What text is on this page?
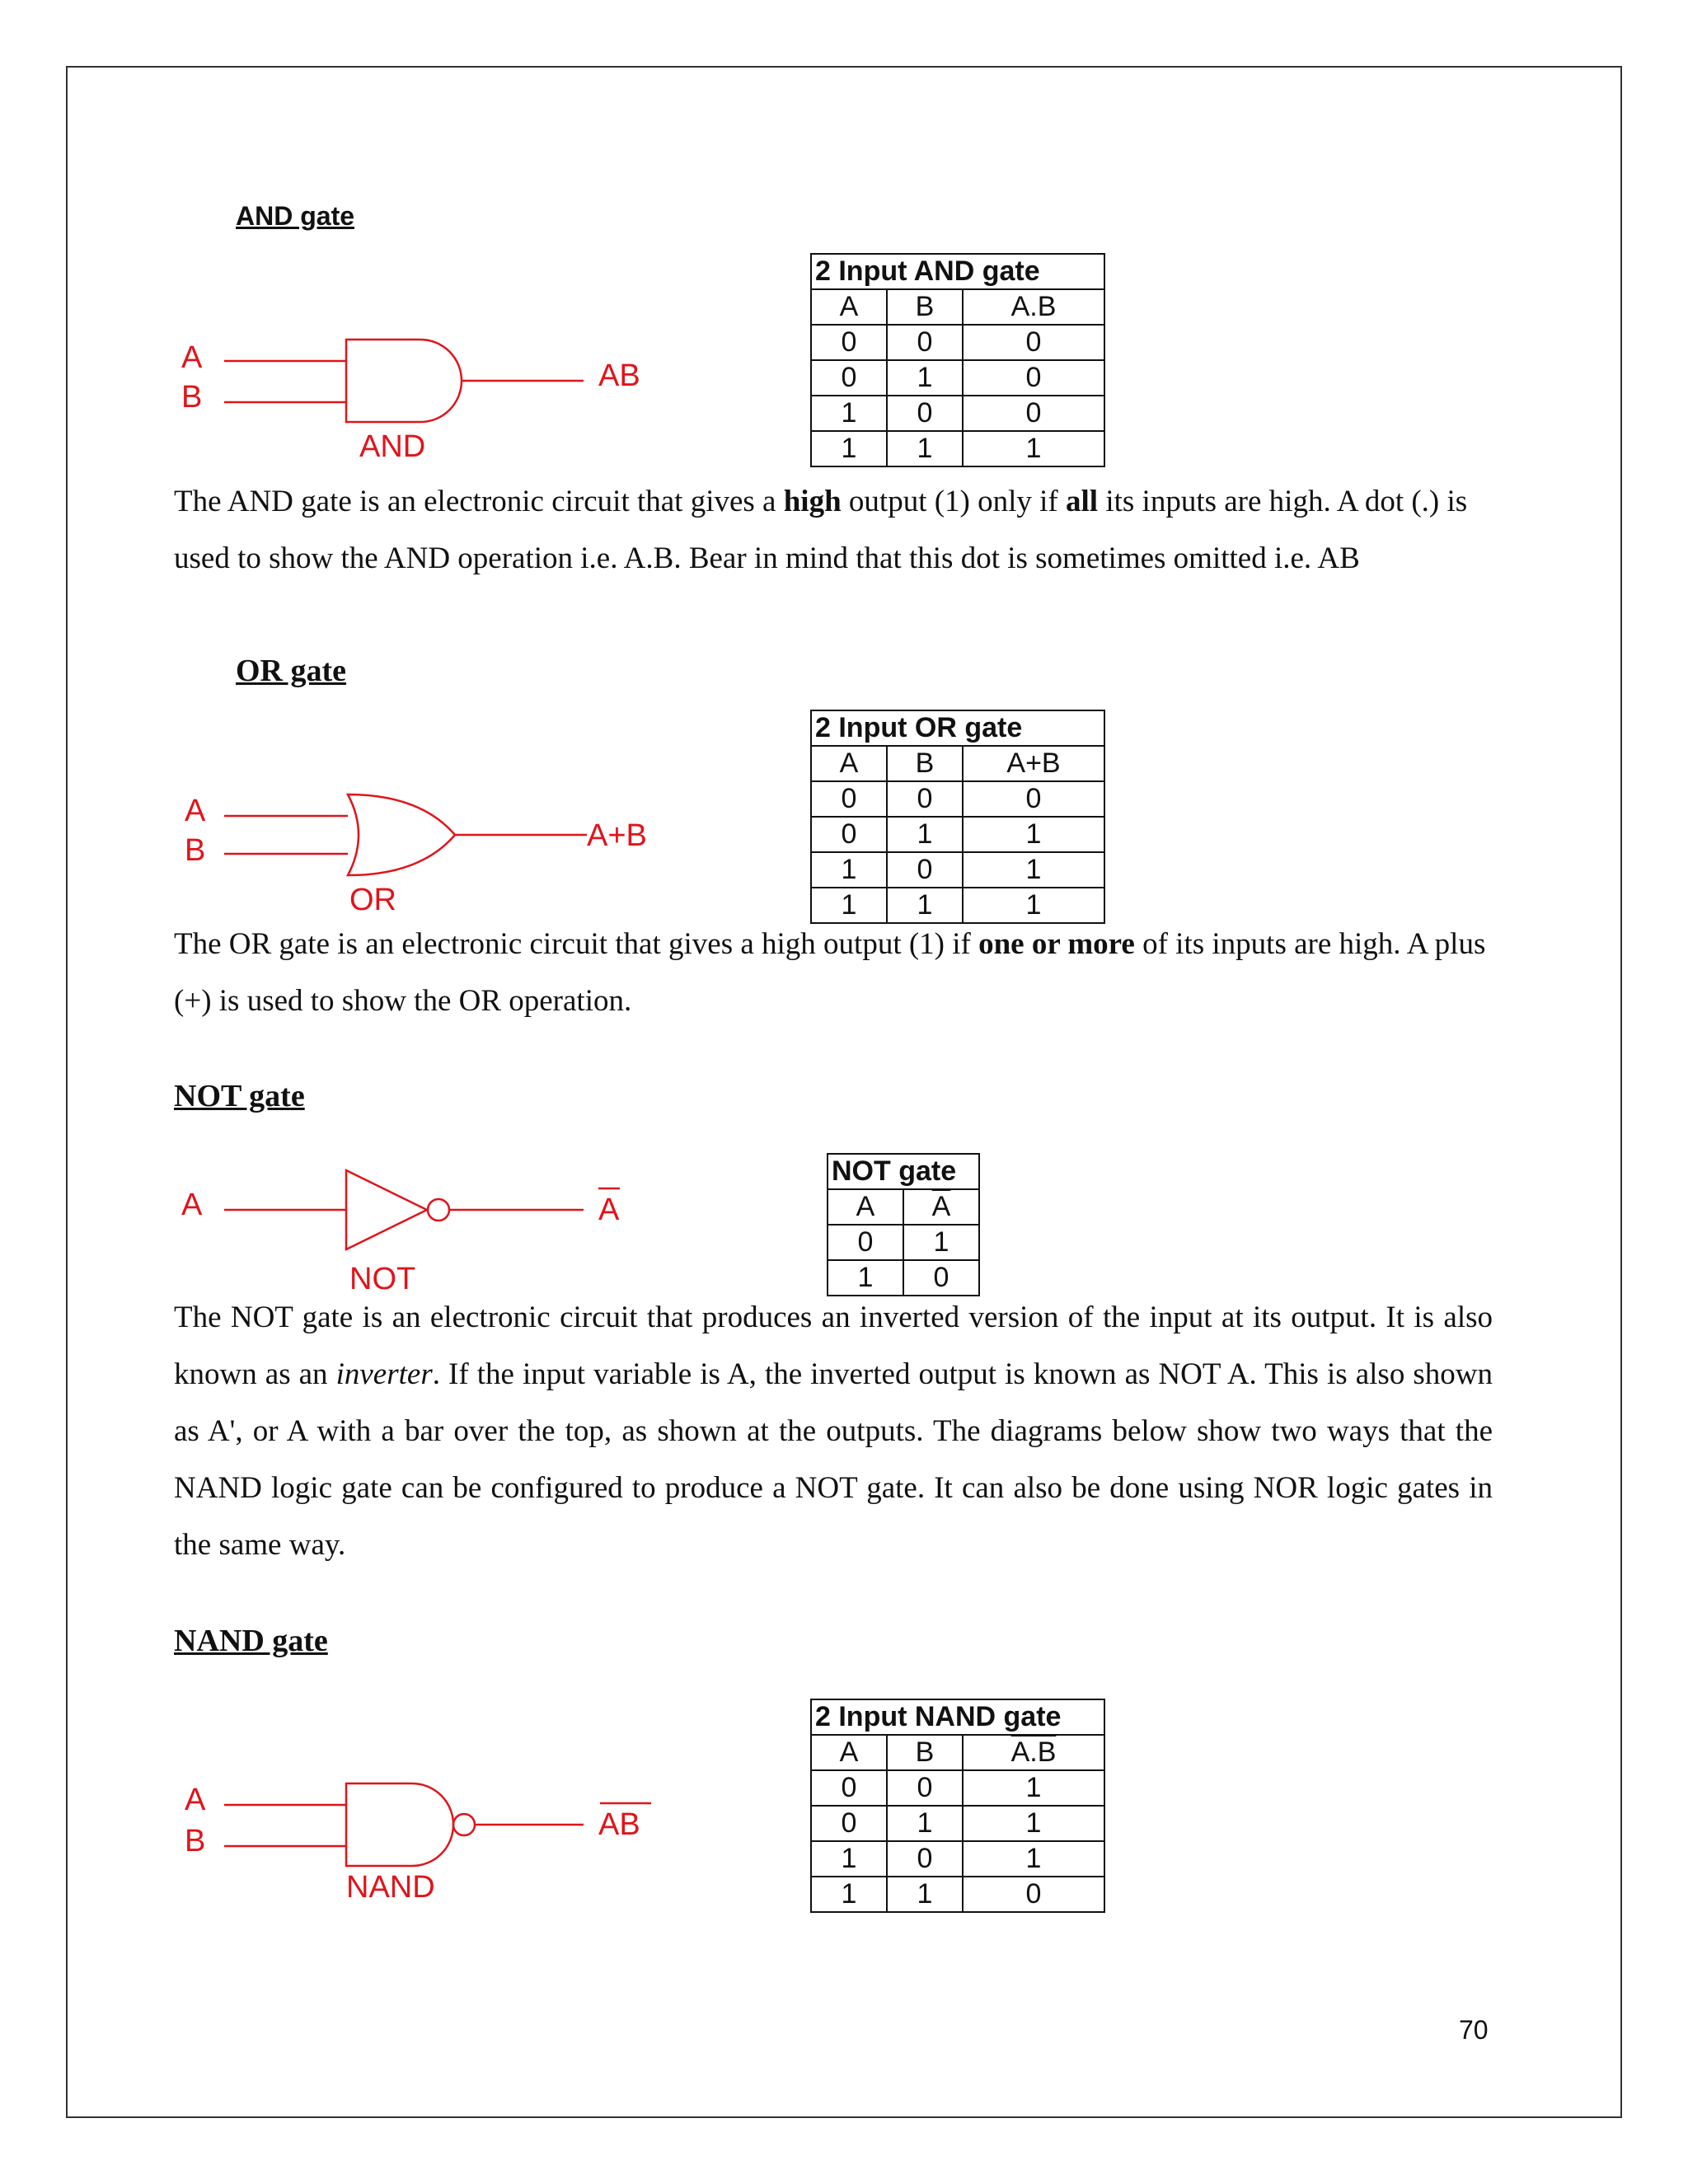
AND gate
A
B
AB
AND
2 Input AND gate		
A	B	A.B
0	0	0
0	1	0
1	0	0
1	1	1
The AND gate is an electronic circuit that gives a high output (1) only if all its inputs are high. A dot (.) is used to show the AND operation i.e. A.B. Bear in mind that this dot is sometimes omitted i.e. AB
OR gate
A
B	A+B
OR
2 Input OR gate		
A	B	A+B
0	0	0
0	1	1
1	0	1
1	1	1
The OR gate is an electronic circuit that gives a high output (1) if one or more of its inputs are high. A plus (+) is used to show the OR operation.
NOT gate
A	A
NOT
NOT gate	
A	$\overline{A}$
0	1
1	0
The NOT gate is an electronic circuit that produces an inverted version of the input at its output. It is also known as an inverter. If the input variable is A, the inverted output is known as NOT A. This is also shown as A', or A with a bar over the top, as shown at the outputs. The diagrams below show two ways that the NAND logic gate can be configured to produce a NOT gate. It can also be done using NOR logic gates in the same way.
NAND gate
A
B	AB
NAND
2 Input NAND gate		
A	B	A.B
0	0	1
0	1	1
1	0	1
1	1	0
70
